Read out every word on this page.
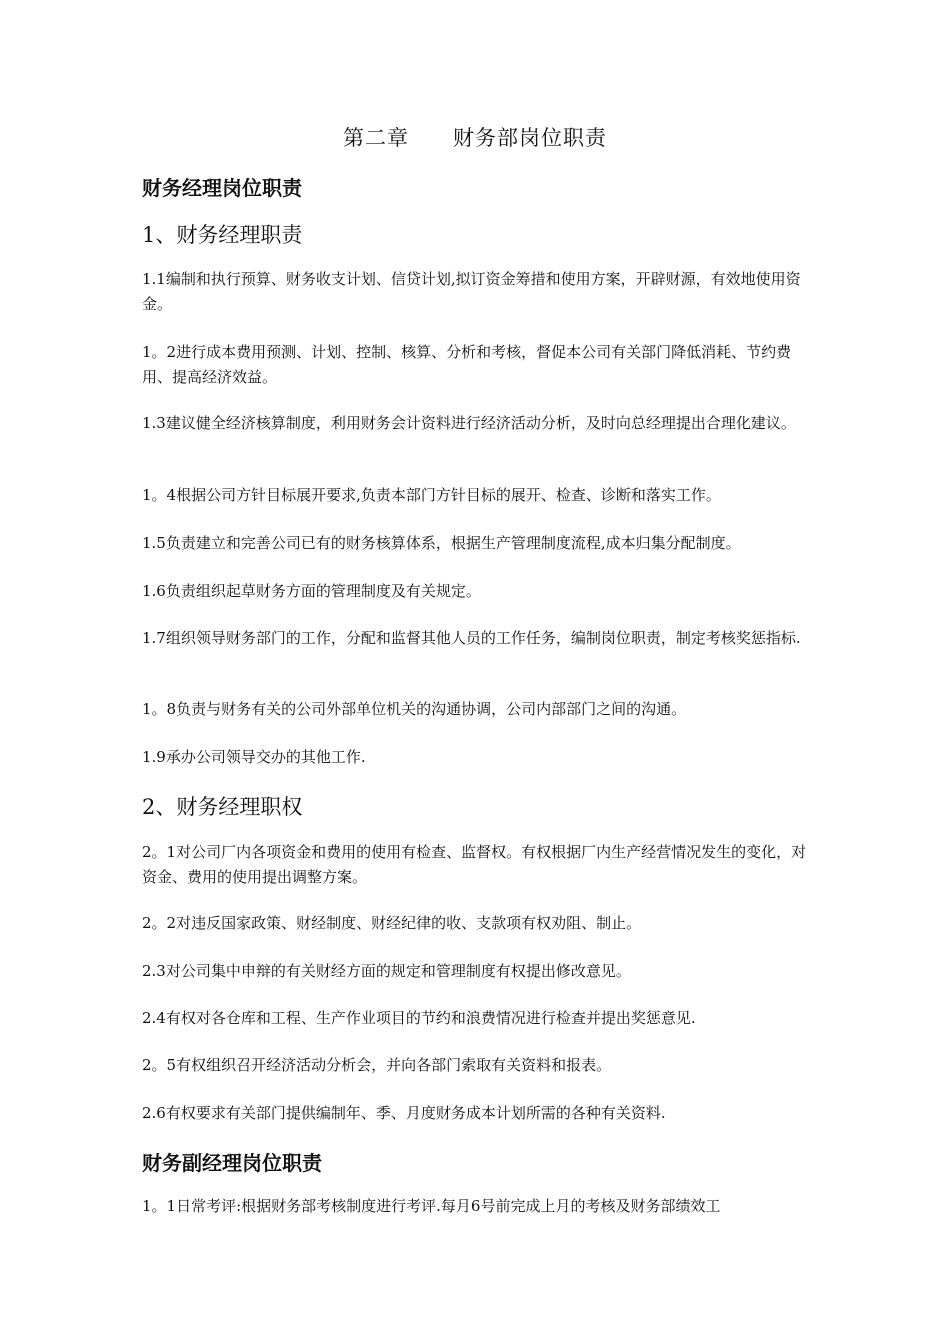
第二章　　财务部岗位职责
财务经理岗位职责
1、财务经理职责
1.1编制和执行预算、财务收支计划、信贷计划,拟订资金筹措和使用方案，开辟财源，有效地使用资金。
1。2进行成本费用预测、计划、控制、核算、分析和考核，督促本公司有关部门降低消耗、节约费用、提高经济效益。
1.3建议健全经济核算制度，利用财务会计资料进行经济活动分析，及时向总经理提出合理化建议。
1。4根据公司方针目标展开要求,负责本部门方针目标的展开、检查、诊断和落实工作。
1.5负责建立和完善公司已有的财务核算体系，根据生产管理制度流程,成本归集分配制度。
1.6负责组织起草财务方面的管理制度及有关规定。
1.7组织领导财务部门的工作，分配和监督其他人员的工作任务，编制岗位职责，制定考核奖惩指标.
1。8负责与财务有关的公司外部单位机关的沟通协调，公司内部部门之间的沟通。
1.9承办公司领导交办的其他工作.
2、财务经理职权
2。1对公司厂内各项资金和费用的使用有检查、监督权。有权根据厂内生产经营情况发生的变化，对资金、费用的使用提出调整方案。
2。2对违反国家政策、财经制度、财经纪律的收、支款项有权劝阻、制止。
2.3对公司集中申辩的有关财经方面的规定和管理制度有权提出修改意见。
2.4有权对各仓库和工程、生产作业项目的节约和浪费情况进行检查并提出奖惩意见.
2。5有权组织召开经济活动分析会，并向各部门索取有关资料和报表。
2.6有权要求有关部门提供编制年、季、月度财务成本计划所需的各种有关资料.
财务副经理岗位职责
1。1日常考评:根据财务部考核制度进行考评.每月6号前完成上月的考核及财务部绩效工
